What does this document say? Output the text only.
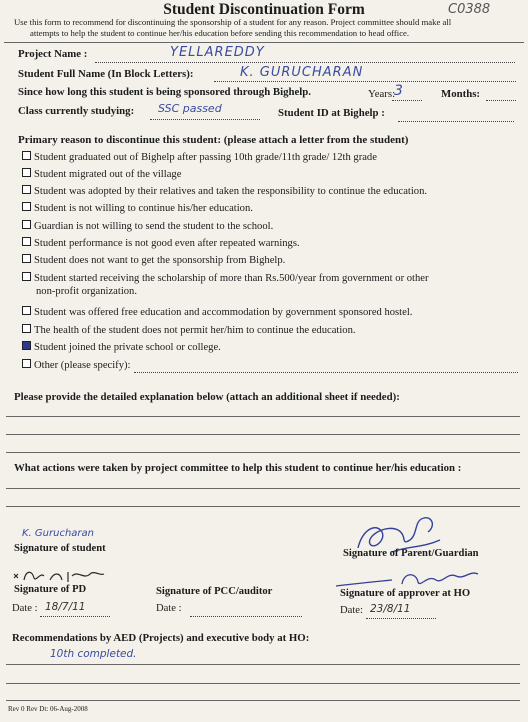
C0388
Student Discontinuation Form
Use this form to recommend for discontinuing the sponsorship of a student for any reason. Project committee should make all
attempts to help the student to continue her/his education before sending this recommendation to head office.
Project Name :	YELLAREDDY
Student Full Name (In Block Letters):	K. GURUCHARAN
Since how long this student is being sponsored through Bighelp.	Years:
3	Months:
Class currently studying: SSC passed	Student ID at Bighelp :
Primary reason to discontinue this student: (please attach a letter from the student)
Student graduated out of Bighelp after passing 10th grade/11th grade/ 12th grade
Student migrated out of the village
Student was adopted by their relatives and taken the responsibility to continue the education.
Student is not willing to continue his/her education.
Guardian is not willing to send the student to the school.
Student performance is not good even after repeated warnings.
Student does not want to get the sponsorship from Bighelp.
Student started receiving the scholarship of more than Rs.500/year from government or other
non-profit organization.
Student was offered free education and accommodation by government sponsored hostel.
The health of the student does not permit her/him to continue the education.
Student joined the private school or college.
Other (please specify):
Please provide the detailed explanation below (attach an additional sheet if needed):
What actions were taken by project committee to help this student to continue her/his education :
K. Gurucharan
Signature of student	Signature of Parent/Guardian
Signature of PD	Signature of PCC/auditor	Signature of approver at HO
Date : 18/7/11	Date :	Date: 23/8/11
Recommendations by AED (Projects) and executive body at HO:
10th completed.
Rev 0 Rev Dt: 06-Aug-2008
